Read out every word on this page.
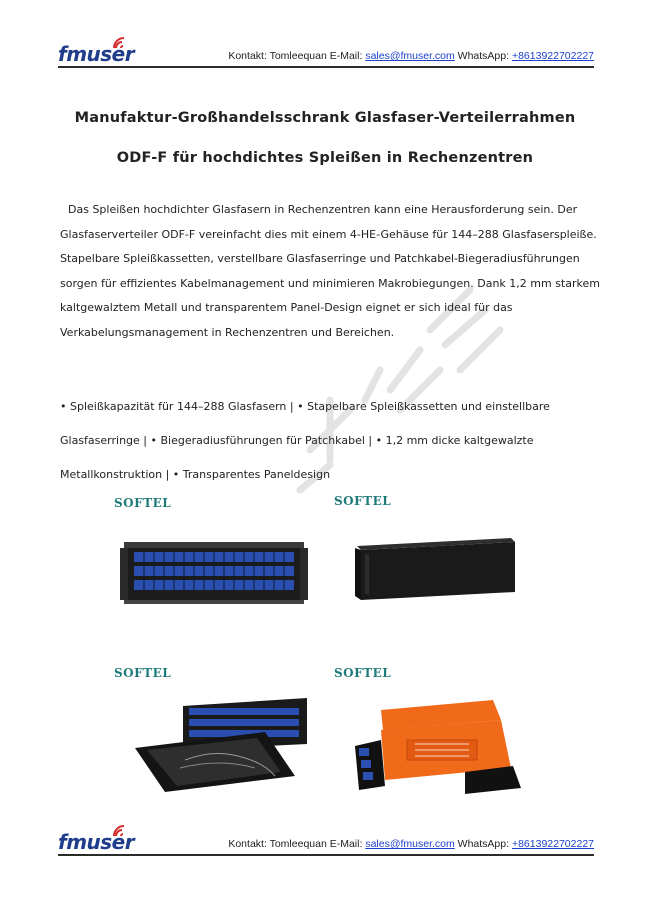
fmuser	Kontakt: Tomleequan E-Mail: sales@fmuser.com WhatsApp: +8613922702227
Manufaktur-Großhandelsschrank Glasfaser-Verteilerrahmen
ODF-F für hochdichtes Spleißen in Rechenzentren
Das Spleißen hochdichter Glasfasern in Rechenzentren kann eine Herausforderung sein. Der Glasfaserverteiler ODF-F vereinfacht dies mit einem 4-HE-Gehäuse für 144–288 Glasfaserspleiße. Stapelbare Spleißkassetten, verstellbare Glasfaserringe und Patchkabel-Biegeradiusführungen sorgen für effizientes Kabelmanagement und minimieren Makrobiegungen. Dank 1,2 mm starkem kaltgewalztem Metall und transparentem Panel-Design eignet er sich ideal für das Verkabelungsmanagement in Rechenzentren und Bereichen.
• Spleißkapazität für 144–288 Glasfasern | • Stapelbare Spleißkassetten und einstellbare Glasfaserringe | • Biegeradiusführungen für Patchkabel | • 1,2 mm dicke kaltgewalzte Metallkonstruktion | • Transparentes Paneldesign
SOFTEL	SOFTEL
SOFTEL	SOFTEL
fmuser	Kontakt: Tomleequan E-Mail: sales@fmuser.com WhatsApp: +8613922702227
